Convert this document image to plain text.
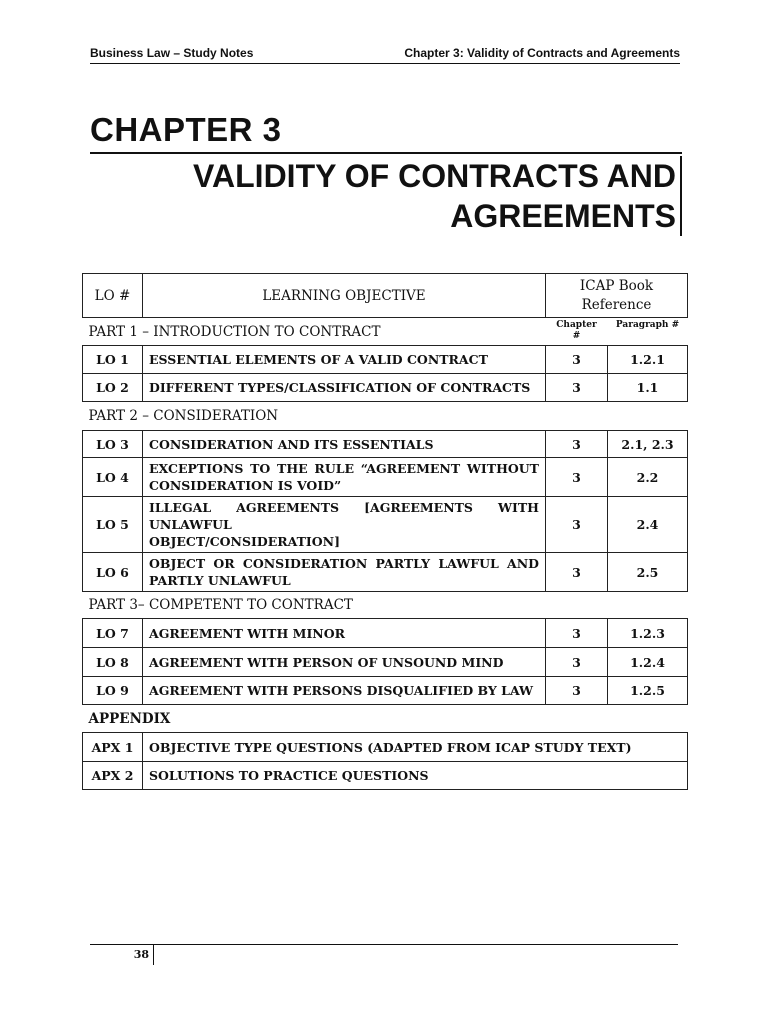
Business Law – Study Notes	Chapter 3: Validity of Contracts and Agreements
CHAPTER 3
VALIDITY OF CONTRACTS AND
AGREEMENTS
LO #	LEARNING OBJECTIVE	ICAP Book
Reference	

PART 1 – INTRODUCTION TO CONTRACT		Chapter
#	Paragraph #
LO 1	ESSENTIAL ELEMENTS OF A VALID CONTRACT	3	1.2.1
LO 2	DIFFERENT TYPES/CLASSIFICATION OF CONTRACTS	3	1.1
PART 2 – CONSIDERATION			
LO 3	CONSIDERATION AND ITS ESSENTIALS	3	2.1, 2.3
LO 4	EXCEPTIONS TO THE RULE “AGREEMENT WITHOUT
CONSIDERATION IS VOID”	3	2.2
LO 5	ILLEGAL AGREEMENTS [AGREEMENTS WITH UNLAWFUL
OBJECT/CONSIDERATION]	3	2.4
LO 6	OBJECT OR CONSIDERATION PARTLY LAWFUL AND
PARTLY UNLAWFUL	3	2.5
PART 3– COMPETENT TO CONTRACT			
LO 7	AGREEMENT WITH MINOR	3	1.2.3
LO 8	AGREEMENT WITH PERSON OF UNSOUND MIND	3	1.2.4
LO 9	AGREEMENT WITH PERSONS DISQUALIFIED BY LAW	3	1.2.5
APPENDIX			
APX 1	OBJECTIVE TYPE QUESTIONS (ADAPTED FROM ICAP STUDY TEXT)		
APX 2	SOLUTIONS TO PRACTICE QUESTIONS		
38
